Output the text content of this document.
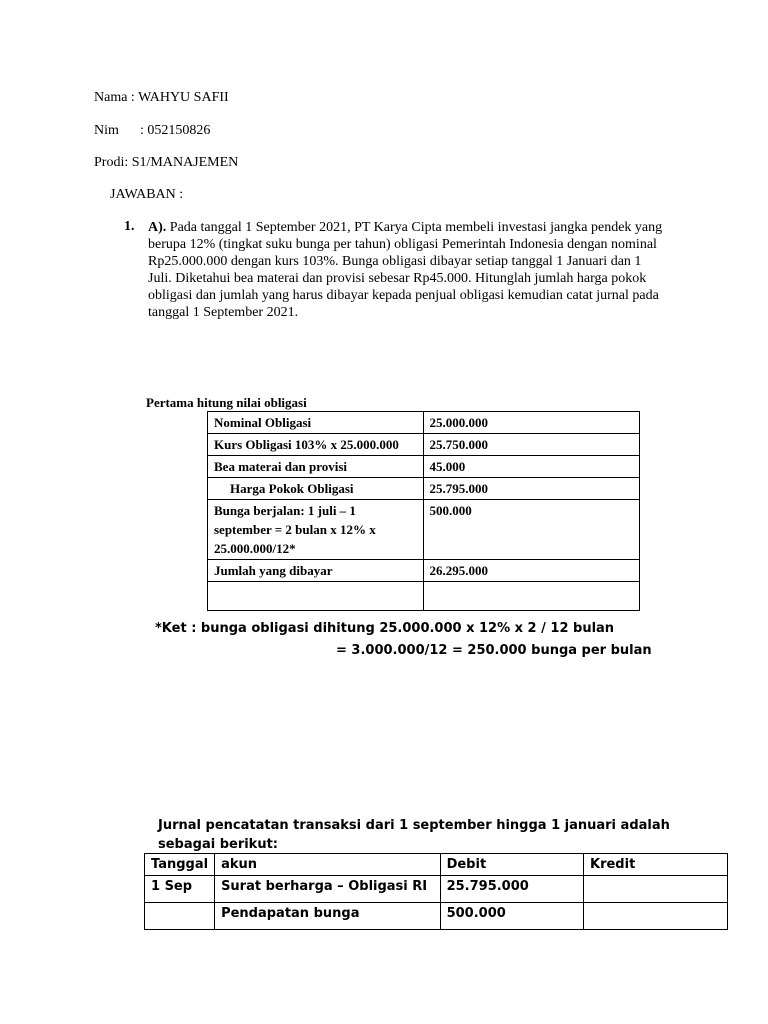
Nama : WAHYU SAFII
Nim : 052150826
Prodi: S1/MANAJEMEN
JAWABAN :
1. A). Pada tanggal 1 September 2021, PT Karya Cipta membeli investasi jangka pendek yang berupa 12% (tingkat suku bunga per tahun) obligasi Pemerintah Indonesia dengan nominal Rp25.000.000 dengan kurs 103%. Bunga obligasi dibayar setiap tanggal 1 Januari dan 1 Juli. Diketahui bea materai dan provisi sebesar Rp45.000. Hitunglah jumlah harga pokok obligasi dan jumlah yang harus dibayar kepada penjual obligasi kemudian catat jurnal pada tanggal 1 September 2021.
Pertama hitung nilai obligasi
Nominal Obligasi	25.000.000
Kurs Obligasi 103% x 25.000.000	25.750.000
Bea materai dan provisi	45.000
Harga Pokok Obligasi	25.795.000
Bunga berjalan: 1 juli – 1 september = 2 bulan x 12% x 25.000.000/12*	500.000
Jumlah yang dibayar	26.295.000

*Ket : bunga obligasi dihitung 25.000.000 x 12% x 2 / 12 bulan
= 3.000.000/12 = 250.000 bunga per bulan
Jurnal pencatatan transaksi dari 1 september hingga 1 januari adalah sebagai berikut:
Tanggal	akun	Debit	Kredit
1 Sep	Surat berharga – Obligasi RI	25.795.000	
	Pendapatan bunga	500.000	
